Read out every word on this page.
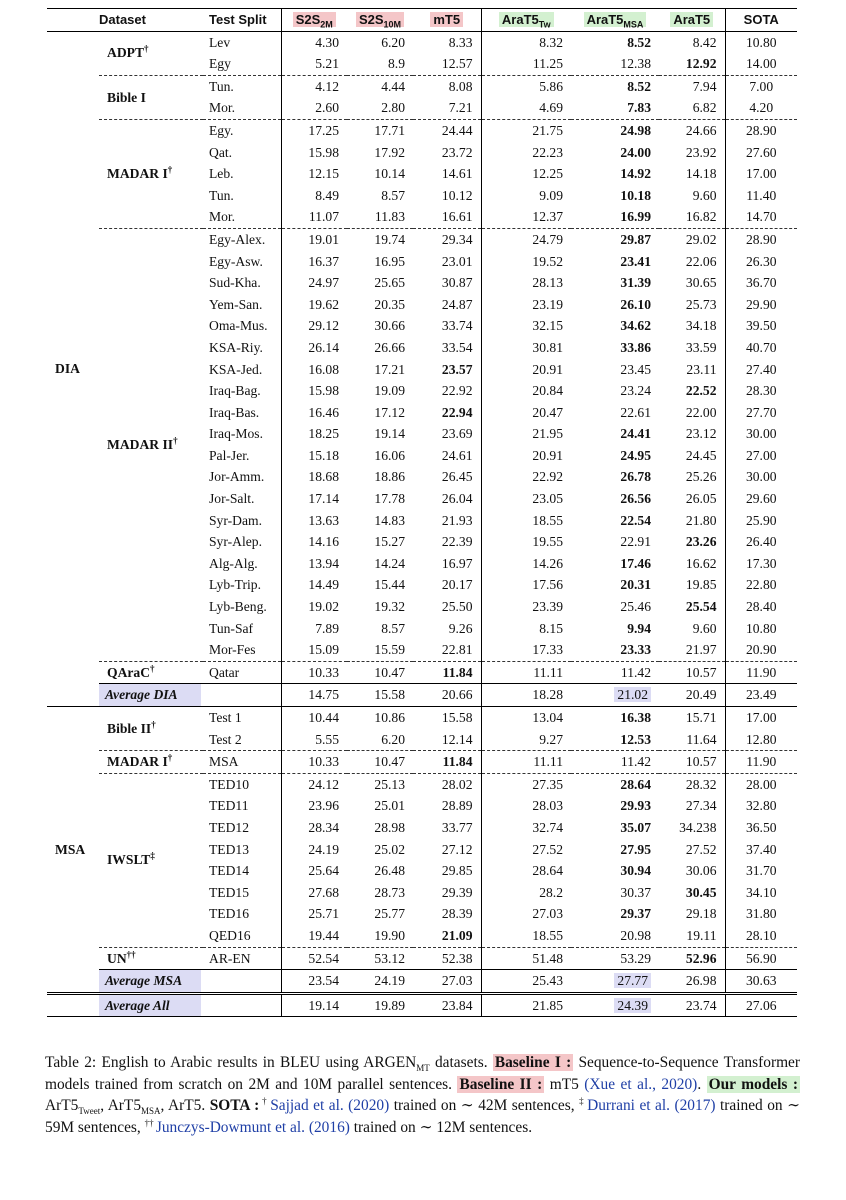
	Dataset	Test Split	$S2S_{2M}$	$S2S_{10M}$	mT5	$AraT5_{Tw}$	$AraT5_{MSA}$	AraT5	SOTA
DIA	ADPT†	Lev	4.30	6.20	8.33	8.32	8.52	8.42	10.80
		Egy	5.21	8.9	12.57	11.25	12.38	12.92	14.00
	Bible I	Tun.	4.12	4.44	8.08	5.86	8.52	7.94	7.00
		Mor.	2.60	2.80	7.21	4.69	7.83	6.82	4.20
	MADAR I†	Egy.	17.25	17.71	24.44	21.75	24.98	24.66	28.90
		Qat.	15.98	17.92	23.72	22.23	24.00	23.92	27.60
		Leb.	12.15	10.14	14.61	12.25	14.92	14.18	17.00
		Tun.	8.49	8.57	10.12	9.09	10.18	9.60	11.40
		Mor.	11.07	11.83	16.61	12.37	16.99	16.82	14.70
	MADAR II†	Egy-Alex.	19.01	19.74	29.34	24.79	29.87	29.02	28.90
		Egy-Asw.	16.37	16.95	23.01	19.52	23.41	22.06	26.30
		Sud-Kha.	24.97	25.65	30.87	28.13	31.39	30.65	36.70
		Yem-San.	19.62	20.35	24.87	23.19	26.10	25.73	29.90
		Oma-Mus.	29.12	30.66	33.74	32.15	34.62	34.18	39.50
		KSA-Riy.	26.14	26.66	33.54	30.81	33.86	33.59	40.70
		KSA-Jed.	16.08	17.21	23.57	20.91	23.45	23.11	27.40
		Iraq-Bag.	15.98	19.09	22.92	20.84	23.24	22.52	28.30
		Iraq-Bas.	16.46	17.12	22.94	20.47	22.61	22.00	27.70
		Iraq-Mos.	18.25	19.14	23.69	21.95	24.41	23.12	30.00
		Pal-Jer.	15.18	16.06	24.61	20.91	24.95	24.45	27.00
		Jor-Amm.	18.68	18.86	26.45	22.92	26.78	25.26	30.00
		Jor-Salt.	17.14	17.78	26.04	23.05	26.56	26.05	29.60
		Syr-Dam.	13.63	14.83	21.93	18.55	22.54	21.80	25.90
		Syr-Alep.	14.16	15.27	22.39	19.55	22.91	23.26	26.40
		Alg-Alg.	13.94	14.24	16.97	14.26	17.46	16.62	17.30
		Lyb-Trip.	14.49	15.44	20.17	17.56	20.31	19.85	22.80
		Lyb-Beng.	19.02	19.32	25.50	23.39	25.46	25.54	28.40
		Tun-Saf	7.89	8.57	9.26	8.15	9.94	9.60	10.80
		Mor-Fes	15.09	15.59	22.81	17.33	23.33	21.97	20.90
	QAraC†	Qatar	10.33	10.47	11.84	11.11	11.42	10.57	11.90
	Average DIA		14.75	15.58	20.66	18.28	21.02	20.49	23.49
MSA	Bible II†	Test 1	10.44	10.86	15.58	13.04	16.38	15.71	17.00
		Test 2	5.55	6.20	12.14	9.27	12.53	11.64	12.80
	MADAR I†	MSA	10.33	10.47	11.84	11.11	11.42	10.57	11.90
	IWSLT‡	TED10	24.12	25.13	28.02	27.35	28.64	28.32	28.00
		TED11	23.96	25.01	28.89	28.03	29.93	27.34	32.80
		TED12	28.34	28.98	33.77	32.74	35.07	34.238	36.50
		TED13	24.19	25.02	27.12	27.52	27.95	27.52	37.40
		TED14	25.64	26.48	29.85	28.64	30.94	30.06	31.70
		TED15	27.68	28.73	29.39	28.2	30.37	30.45	34.10
		TED16	25.71	25.77	28.39	27.03	29.37	29.18	31.80
		QED16	19.44	19.90	21.09	18.55	20.98	19.11	28.10
	UN††	AR-EN	52.54	53.12	52.38	51.48	53.29	52.96	56.90
	Average MSA		23.54	24.19	27.03	25.43	27.77	26.98	30.63
	Average All		19.14	19.89	23.84	21.85	24.39	23.74	27.06
Table 2: English to Arabic results in BLEU using $ARGEN_{MT}$ datasets. Baseline I : Sequence-to-Sequence Transformer models trained from scratch on 2M and 10M parallel sentences. Baseline II : mT5 (Xue et al., 2020). Our models : $ArT5_{Tweet}$, $ArT5_{MSA}$, ArT5. SOTA : † Sajjad et al. (2020) trained on ∼ 42M sentences, ‡ Durrani et al. (2017) trained on ∼ 59M sentences, †† Junczys-Dowmunt et al. (2016) trained on ∼ 12M sentences.
